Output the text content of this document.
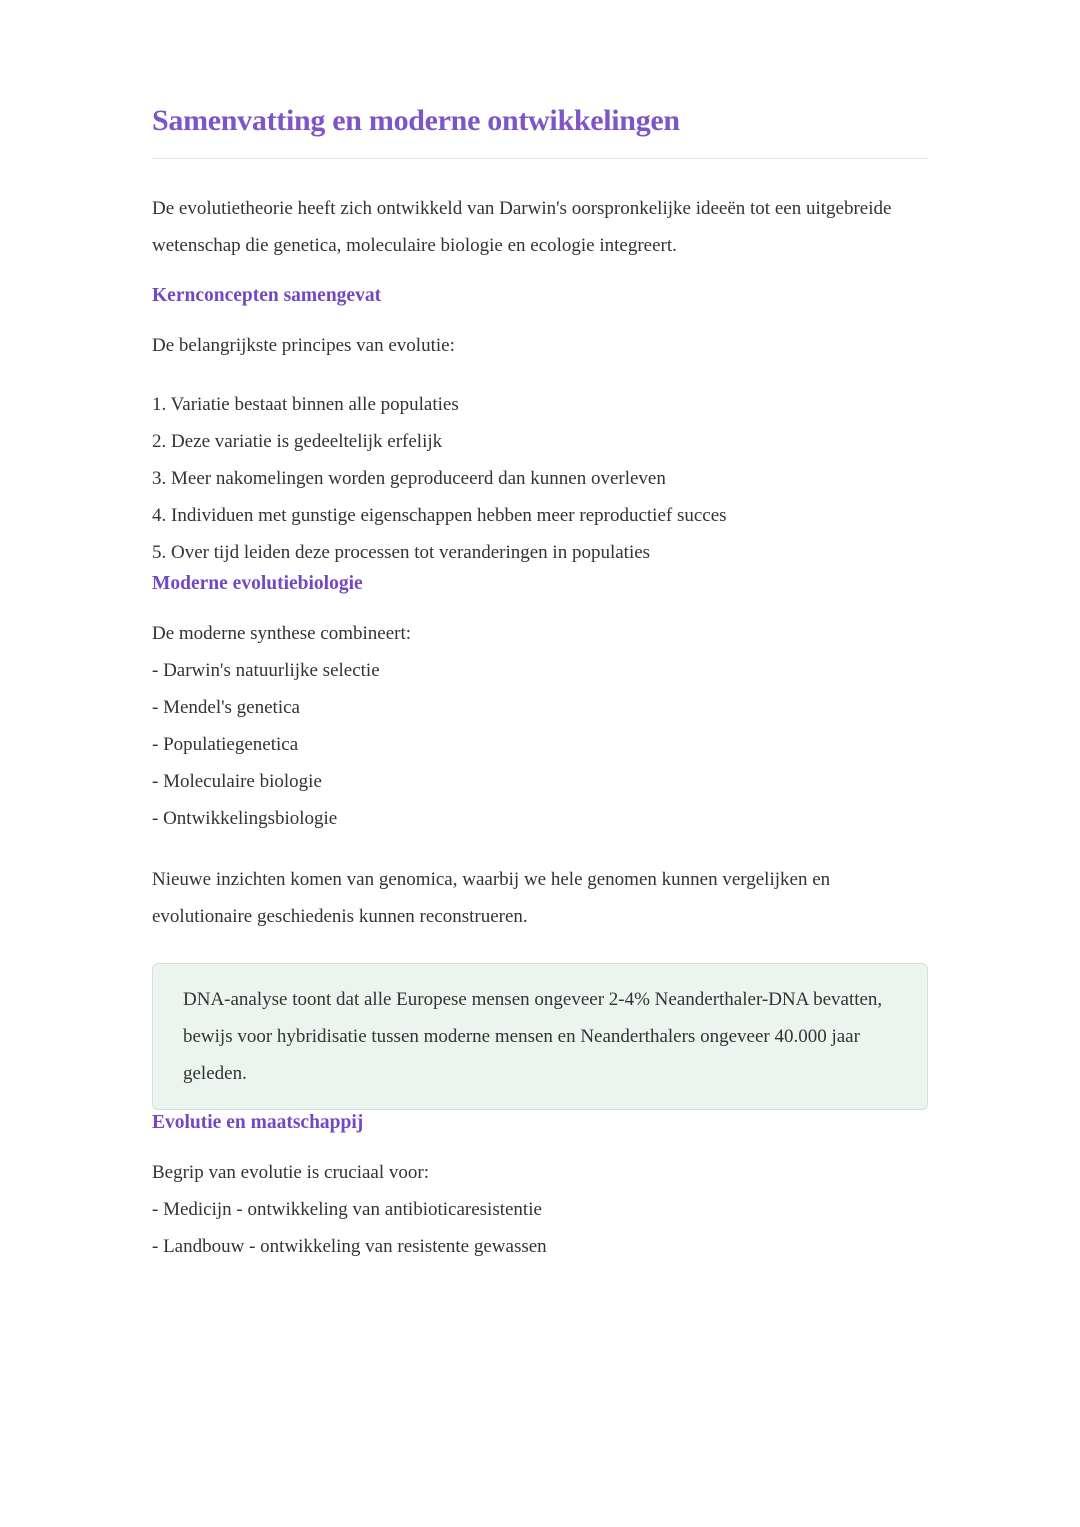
Samenvatting en moderne ontwikkelingen

De evolutietheorie heeft zich ontwikkeld van Darwin's oorspronkelijke ideeën tot een uitgebreide wetenschap die genetica, moleculaire biologie en ecologie integreert.

Kernconcepten samengevat

De belangrijkste principes van evolutie:

1. Variatie bestaat binnen alle populaties
2. Deze variatie is gedeeltelijk erfelijk
3. Meer nakomelingen worden geproduceerd dan kunnen overleven
4. Individuen met gunstige eigenschappen hebben meer reproductief succes
5. Over tijd leiden deze processen tot veranderingen in populaties
Moderne evolutiebiologie
De moderne synthese combineert:
- Darwin's natuurlijke selectie
- Mendel's genetica
- Populatiegenetica
- Moleculaire biologie
- Ontwikkelingsbiologie

Nieuwe inzichten komen van genomica, waarbij we hele genomen kunnen vergelijken en evolutionaire geschiedenis kunnen reconstrueren.

DNA-analyse toont dat alle Europese mensen ongeveer 2-4% Neanderthaler-DNA bevatten, bewijs voor hybridisatie tussen moderne mensen en Neanderthalers ongeveer 40.000 jaar geleden.
Evolutie en maatschappij
Begrip van evolutie is cruciaal voor:
- Medicijn - ontwikkeling van antibioticaresistentie
- Landbouw - ontwikkeling van resistente gewassen
